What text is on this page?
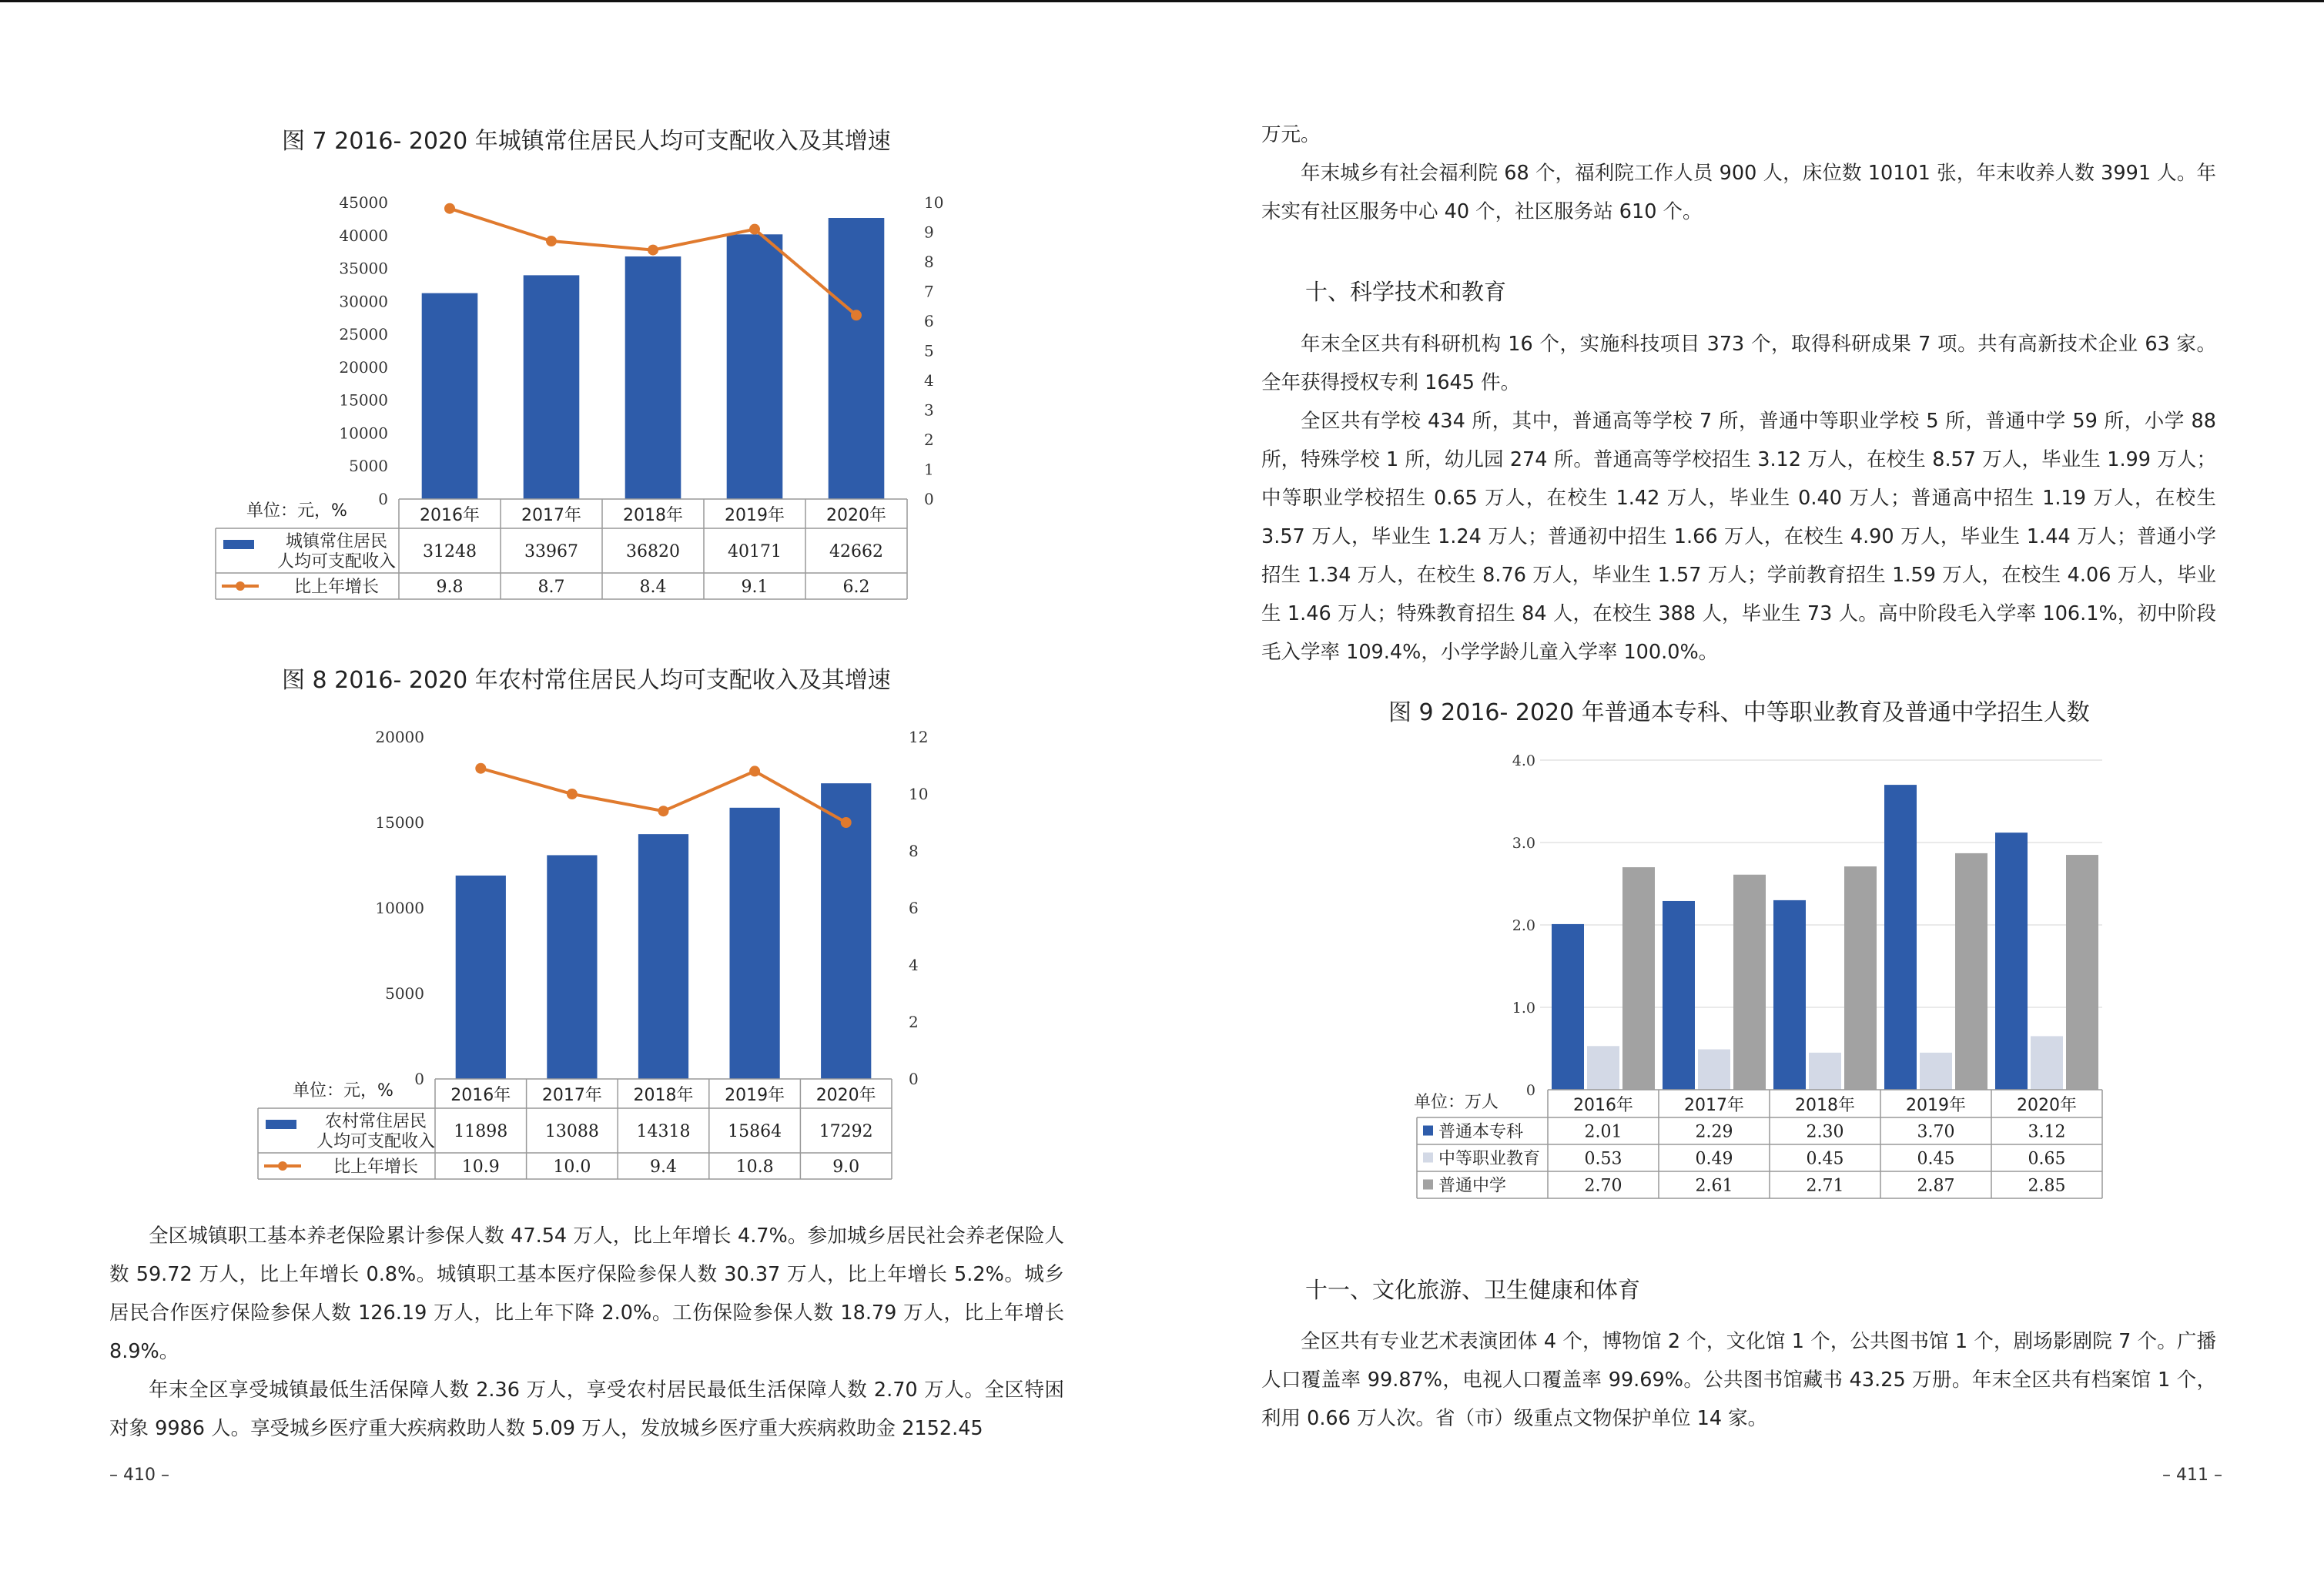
图 7 2016- 2020 年城镇常住居民人均可支配收入及其增速
0
5000
10000
15000
20000
25000
30000
35000
40000
45000
0
1
2
3
4
5
6
7
8
9
10
单位：元，%	2016年 2017年 2018年 2019年 2020年
城镇常住居民
人均可支配收入
31248	33967	36820	40171	42662
比上年增长	9.8	8.7	8.4	9.1	6.2
图 8 2016- 2020 年农村常住居民人均可支配收入及其增速
0
5000
10000
15000
20000
0
2
4
6
8
10
12
单位：元，%	2016年 2017年 2018年 2019年 2020年
农村常住居民
人均可支配收入
11898 13088 14318 15864 17292
比上年增长	10.9	10.0	9.4	10.8	9.0

全区城镇职工基本养老保险累计参保人数 47.54 万人，比上年增长 4.7%。参加城乡居民社会养老保险人数 59.72 万人，比上年增长 0.8%。城镇职工基本医疗保险参保人数 30.37 万人，比上年增长 5.2%。城乡居民合作医疗保险参保人数 126.19 万人，比上年下降 2.0%。工伤保险参保人数 18.79 万人，比上年增长 8.9%。

年末全区享受城镇最低生活保障人数 2.36 万人，享受农村居民最低生活保障人数 2.70 万人。全区特困对象 9986 人。享受城乡医疗重大疾病救助人数 5.09 万人，发放城乡医疗重大疾病救助金 2152.45

– 410 –

万元。

年末城乡有社会福利院 68 个，福利院工作人员 900 人，床位数 10101 张，年末收养人数 3991 人。年末实有社区服务中心 40 个，社区服务站 610 个。

十、科学技术和教育

年末全区共有科研机构 16 个，实施科技项目 373 个，取得科研成果 7 项。共有高新技术企业 63 家。全年获得授权专利 1645 件。

全区共有学校 434 所，其中，普通高等学校 7 所，普通中等职业学校 5 所，普通中学 59 所，小学 88 所，特殊学校 1 所，幼儿园 274 所。普通高等学校招生 3.12 万人，在校生 8.57 万人，毕业生 1.99 万人；中等职业学校招生 0.65 万人，在校生 1.42 万人，毕业生 0.40 万人；普通高中招生 1.19 万人，在校生 3.57 万人，毕业生 1.24 万人；普通初中招生 1.66 万人，在校生 4.90 万人，毕业生 1.44 万人；普通小学招生 1.34 万人，在校生 8.76 万人，毕业生 1.57 万人；学前教育招生 1.59 万人，在校生 4.06 万人，毕业生 1.46 万人；特殊教育招生 84 人，在校生 388 人，毕业生 73 人。高中阶段毛入学率 106.1%，初中阶段毛入学率 109.4%，小学学龄儿童入学率 100.0%。

图 9 2016- 2020 年普通本专科、中等职业教育及普通中学招生人数
0
1.0
2.0
3.0
4.0
单位：万人	2016年	2017年	2018年	2019年	2020年
普通本专科	2.01	2.29	2.30	3.70	3.12
中等职业教育	0.53	0.49	0.45	0.45	0.65
普通中学	2.70	2.61	2.71	2.87	2.85
十一、文化旅游、卫生健康和体育

全区共有专业艺术表演团体 4 个，博物馆 2 个，文化馆 1 个，公共图书馆 1 个，剧场影剧院 7 个。广播人口覆盖率 99.87%，电视人口覆盖率 99.69%。公共图书馆藏书 43.25 万册。年末全区共有档案馆 1 个，利用 0.66 万人次。省（市）级重点文物保护单位 14 家。

– 411 –
